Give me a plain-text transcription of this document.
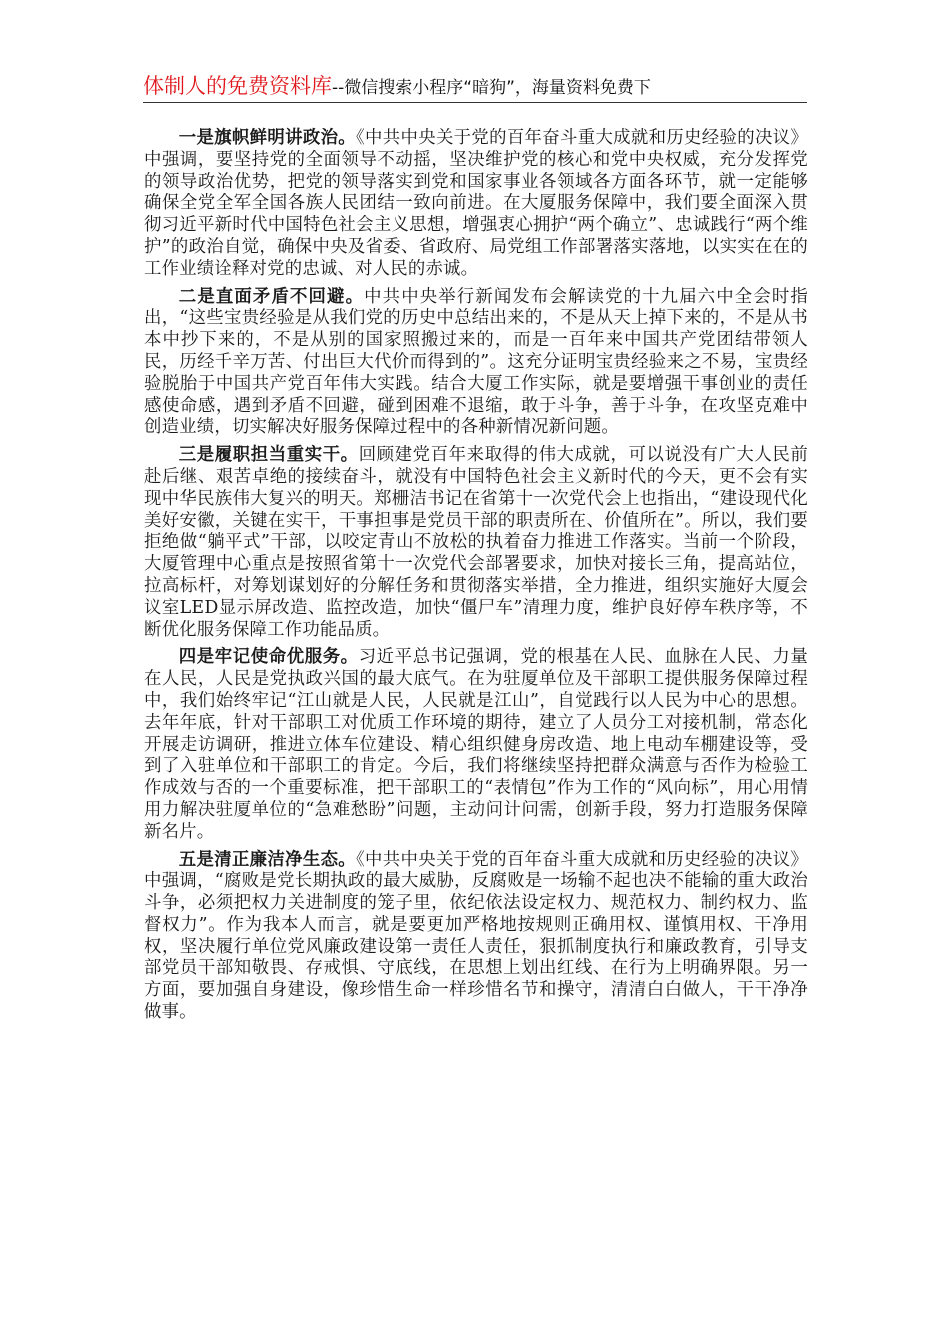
体制人的免费资料库--微信搜索小程序“暗狗”，海量资料免费下

一是旗帜鲜明讲政治。《中共中央关于党的百年奋斗重大成就和历史经验的决议》中强调，要坚持党的全面领导不动摇，坚决维护党的核心和党中央权威，充分发挥党的领导政治优势，把党的领导落实到党和国家事业各领域各方面各环节，就一定能够确保全党全军全国各族人民团结一致向前进。在大厦服务保障中，我们要全面深入贯彻习近平新时代中国特色社会主义思想，增强衷心拥护“两个确立”、忠诚践行“两个维护”的政治自觉，确保中央及省委、省政府、局党组工作部署落实落地，以实实在在的工作业绩诠释对党的忠诚、对人民的赤诚。

二是直面矛盾不回避。中共中央举行新闻发布会解读党的十九届六中全会时指出，“这些宝贵经验是从我们党的历史中总结出来的，不是从天上掉下来的，不是从书本中抄下来的，不是从别的国家照搬过来的，而是一百年来中国共产党团结带领人民，历经千辛万苦、付出巨大代价而得到的”。这充分证明宝贵经验来之不易，宝贵经验脱胎于中国共产党百年伟大实践。结合大厦工作实际，就是要增强干事创业的责任感使命感，遇到矛盾不回避，碰到困难不退缩，敢于斗争，善于斗争，在攻坚克难中创造业绩，切实解决好服务保障过程中的各种新情况新问题。

三是履职担当重实干。回顾建党百年来取得的伟大成就，可以说没有广大人民前赴后继、艰苦卓绝的接续奋斗，就没有中国特色社会主义新时代的今天，更不会有实现中华民族伟大复兴的明天。郑栅洁书记在省第十一次党代会上也指出，“建设现代化美好安徽，关键在实干，干事担事是党员干部的职责所在、价值所在”。所以，我们要拒绝做“躺平式”干部，以咬定青山不放松的执着奋力推进工作落实。当前一个阶段，大厦管理中心重点是按照省第十一次党代会部署要求，加快对接长三角，提高站位，拉高标杆，对筹划谋划好的分解任务和贯彻落实举措，全力推进，组织实施好大厦会议室LED显示屏改造、监控改造，加快“僵尸车”清理力度，维护良好停车秩序等，不断优化服务保障工作功能品质。

四是牢记使命优服务。习近平总书记强调，党的根基在人民、血脉在人民、力量在人民，人民是党执政兴国的最大底气。在为驻厦单位及干部职工提供服务保障过程中，我们始终牢记“江山就是人民，人民就是江山”，自觉践行以人民为中心的思想。去年年底，针对干部职工对优质工作环境的期待，建立了人员分工对接机制，常态化开展走访调研，推进立体车位建设、精心组织健身房改造、地上电动车棚建设等，受到了入驻单位和干部职工的肯定。今后，我们将继续坚持把群众满意与否作为检验工作成效与否的一个重要标准，把干部职工的“表情包”作为工作的“风向标”，用心用情用力解决驻厦单位的“急难愁盼”问题，主动问计问需，创新手段，努力打造服务保障新名片。

五是清正廉洁净生态。《中共中央关于党的百年奋斗重大成就和历史经验的决议》中强调，“腐败是党长期执政的最大威胁，反腐败是一场输不起也决不能输的重大政治斗争，必须把权力关进制度的笼子里，依纪依法设定权力、规范权力、制约权力、监督权力”。作为我本人而言，就是要更加严格地按规则正确用权、谨慎用权、干净用权，坚决履行单位党风廉政建设第一责任人责任，狠抓制度执行和廉政教育，引导支部党员干部知敬畏、存戒惧、守底线，在思想上划出红线、在行为上明确界限。另一方面，要加强自身建设，像珍惜生命一样珍惜名节和操守，清清白白做人，干干净净做事。
